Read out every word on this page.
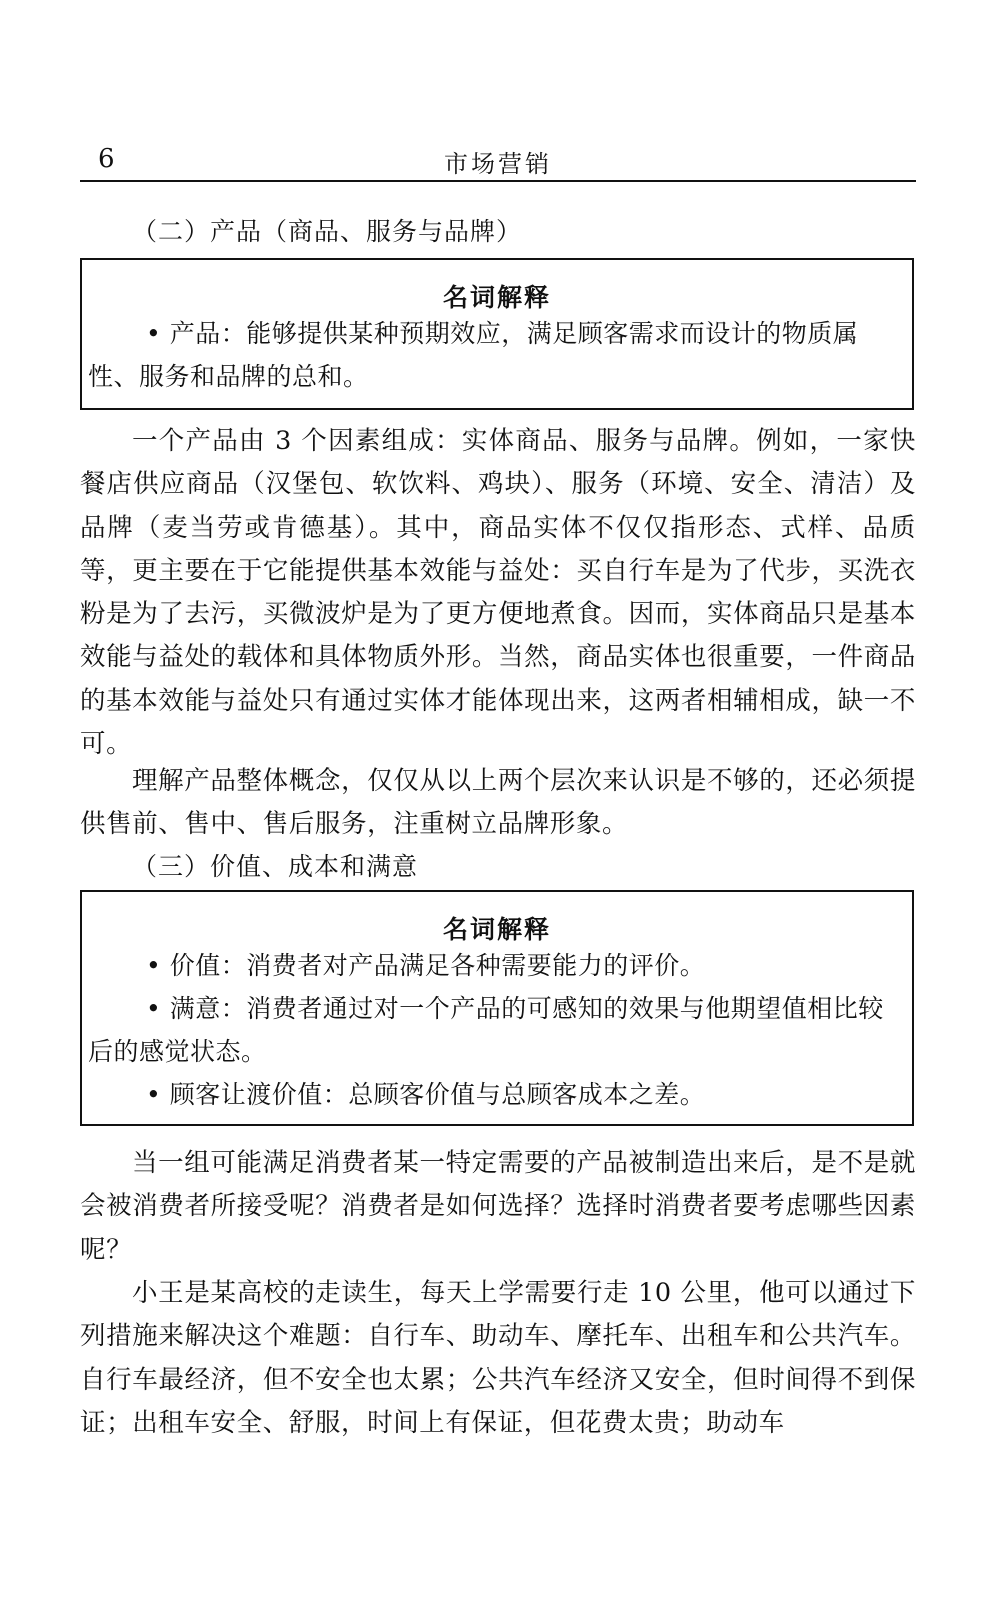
6	市场营销
（二）产品（商品、服务与品牌）
名词解释
• 产品：能够提供某种预期效应，满足顾客需求而设计的物质属性、服务和品牌的总和。
一个产品由 3 个因素组成：实体商品、服务与品牌。例如，一家快餐店供应商品（汉堡包、软饮料、鸡块）、服务（环境、安全、清洁）及品牌（麦当劳或肯德基）。其中，商品实体不仅仅指形态、式样、品质等，更主要在于它能提供基本效能与益处：买自行车是为了代步，买洗衣粉是为了去污，买微波炉是为了更方便地煮食。因而，实体商品只是基本效能与益处的载体和具体物质外形。当然，商品实体也很重要，一件商品的基本效能与益处只有通过实体才能体现出来，这两者相辅相成，缺一不可。
理解产品整体概念，仅仅从以上两个层次来认识是不够的，还必须提供售前、售中、售后服务，注重树立品牌形象。
（三）价值、成本和满意
名词解释
• 价值：消费者对产品满足各种需要能力的评价。
• 满意：消费者通过对一个产品的可感知的效果与他期望值相比较后的感觉状态。
• 顾客让渡价值：总顾客价值与总顾客成本之差。
当一组可能满足消费者某一特定需要的产品被制造出来后，是不是就会被消费者所接受呢？消费者是如何选择？选择时消费者要考虑哪些因素呢？
小王是某高校的走读生，每天上学需要行走 10 公里，他可以通过下列措施来解决这个难题：自行车、助动车、摩托车、出租车和公共汽车。自行车最经济，但不安全也太累；公共汽车经济又安全，但时间得不到保证；出租车安全、舒服，时间上有保证，但花费太贵；助动车
